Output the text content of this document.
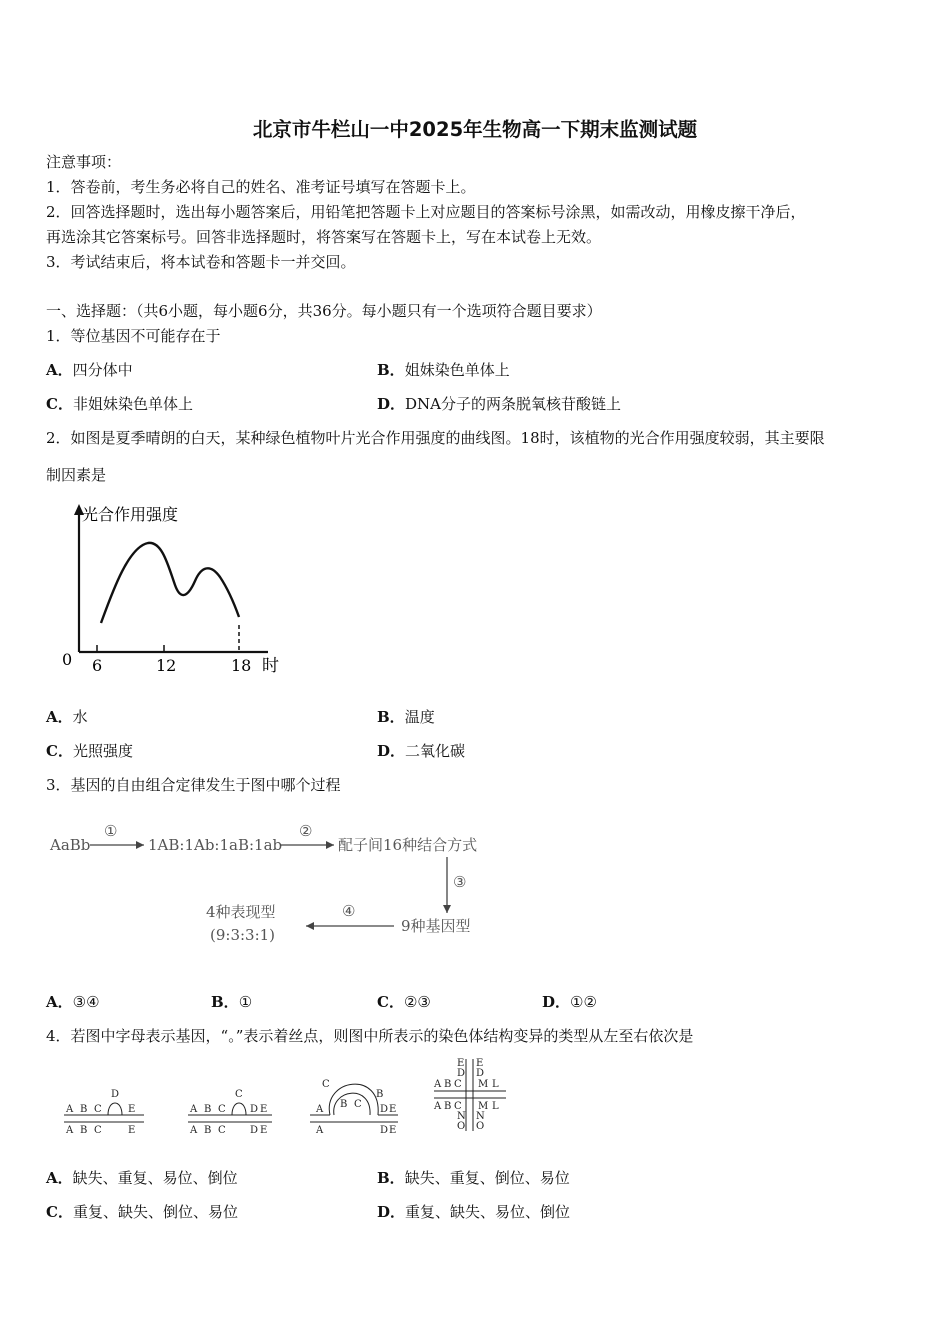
北京市牛栏山一中2025年生物高一下期末监测试题
注意事项：
1．答卷前，考生务必将自己的姓名、准考证号填写在答题卡上。
2．回答选择题时，选出每小题答案后，用铅笔把答题卡上对应题目的答案标号涂黑，如需改动，用橡皮擦干净后，
再选涂其它答案标号。回答非选择题时，将答案写在答题卡上，写在本试卷上无效。
3．考试结束后，将本试卷和答题卡一并交回。
一、选择题：（共6小题，每小题6分，共36分。每小题只有一个选项符合题目要求）
1．等位基因不可能存在于
A．四分体中	B．姐妹染色单体上
C．非姐妹染色单体上	D．DNA分子的两条脱氧核苷酸链上
2．如图是夏季晴朗的白天，某种绿色植物叶片光合作用强度的曲线图。18时，该植物的光合作用强度较弱，其主要限
制因素是
光合作用强度
0 6	12	18 时
A．水	B．温度
C．光照强度	D．二氧化碳
3．基因的自由组合定律发生于图中哪个过程
AaBb
①
1AB:1Ab:1aB:1ab
②
配子间16种结合方式
③
9种基因型
④
4种表现型
(9:3:3:1)
A．③④	B．①	C．②③	D．①②
4．若图中字母表示基因，“。”表示着丝点，则图中所表示的染色体结构变异的类型从左至右依次是
A B C
D
E
A B C	E
A B C
C
D E
A B C D E
C
B C
B
A
A
D E
D E
A B C
E
D
M L
A B C
N
O
M L
E
D
N
O
A．缺失、重复、易位、倒位	B．缺失、重复、倒位、易位
C．重复、缺失、倒位、易位	D．重复、缺失、易位、倒位
